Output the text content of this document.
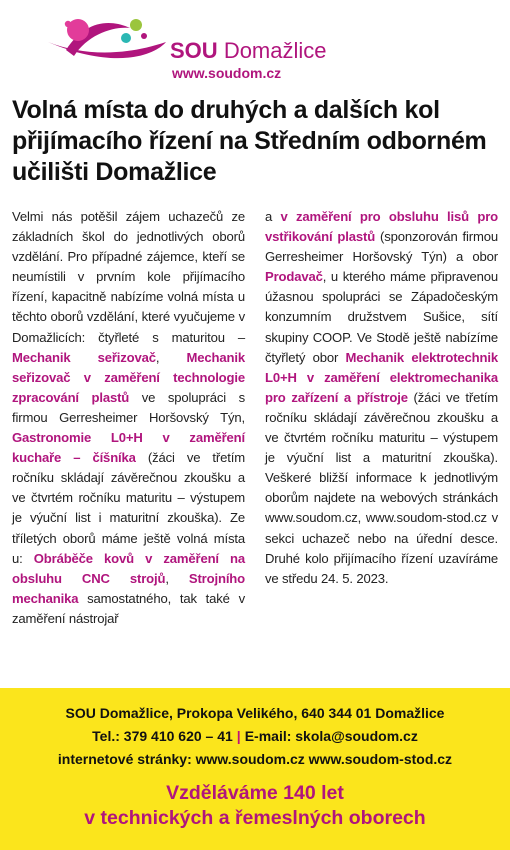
SOU Domažlice
www.soudom.cz
Volná místa do druhých a dalších kol přijímacího řízení na Středním odborném učilišti Domažlice
Velmi nás potěšil zájem uchazečů ze základních škol do jednotlivých oborů vzdělání. Pro případné zájemce, kteří se neumístili v prvním kole přijímacího řízení, kapacitně nabízíme volná místa u těchto oborů vzdělání, které vyučujeme v Domažlicích: čtyřleté s maturitou – Mechanik seřizovač, Mechanik seřizovač v zaměření technologie zpracování plastů ve spolupráci s firmou Gerresheimer Horšovský Týn, Gastronomie L0+H v zaměření kuchaře – číšníka (žáci ve třetím ročníku skládají závěrečnou zkoušku a ve čtvrtém ročníku maturitu – výstupem je výuční list i maturitní zkouška). Ze tříletých oborů máme ještě volná místa u: Obráběče kovů v zaměření na obsluhu CNC strojů, Strojního mechanika samostatného, tak také v zaměření nástrojař
a v zaměření pro obsluhu lisů pro vstřikování plastů (sponzorován firmou Gerresheimer Horšovský Týn) a obor Prodavač, u kterého máme připravenou úžasnou spolupráci se Západočeským konzumním družstvem Sušice, sítí skupiny COOP. Ve Stodě ještě nabízíme čtyřletý obor Mechanik elektrotechnik L0+H v zaměření elektromechanika pro zařízení a přístroje (žáci ve třetím ročníku skládají závěrečnou zkoušku a ve čtvrtém ročníku maturitu – výstupem je výuční list a maturitní zkouška). Veškeré bližší informace k jednotlivým oborům najdete na webových stránkách www.soudom.cz, www.soudom-stod.cz v sekci uchazeč nebo na úřední desce. Druhé kolo přijímacího řízení uzavíráme ve středu 24. 5. 2023.
SOU Domažlice, Prokopa Velikého, 640 344 01 Domažlice
Tel.: 379 410 620 – 41 | E-mail: skola@soudom.cz
internetové stránky: www.soudom.cz www.soudom-stod.cz
Vzděláváme 140 let
v technických a řemeslných oborech
